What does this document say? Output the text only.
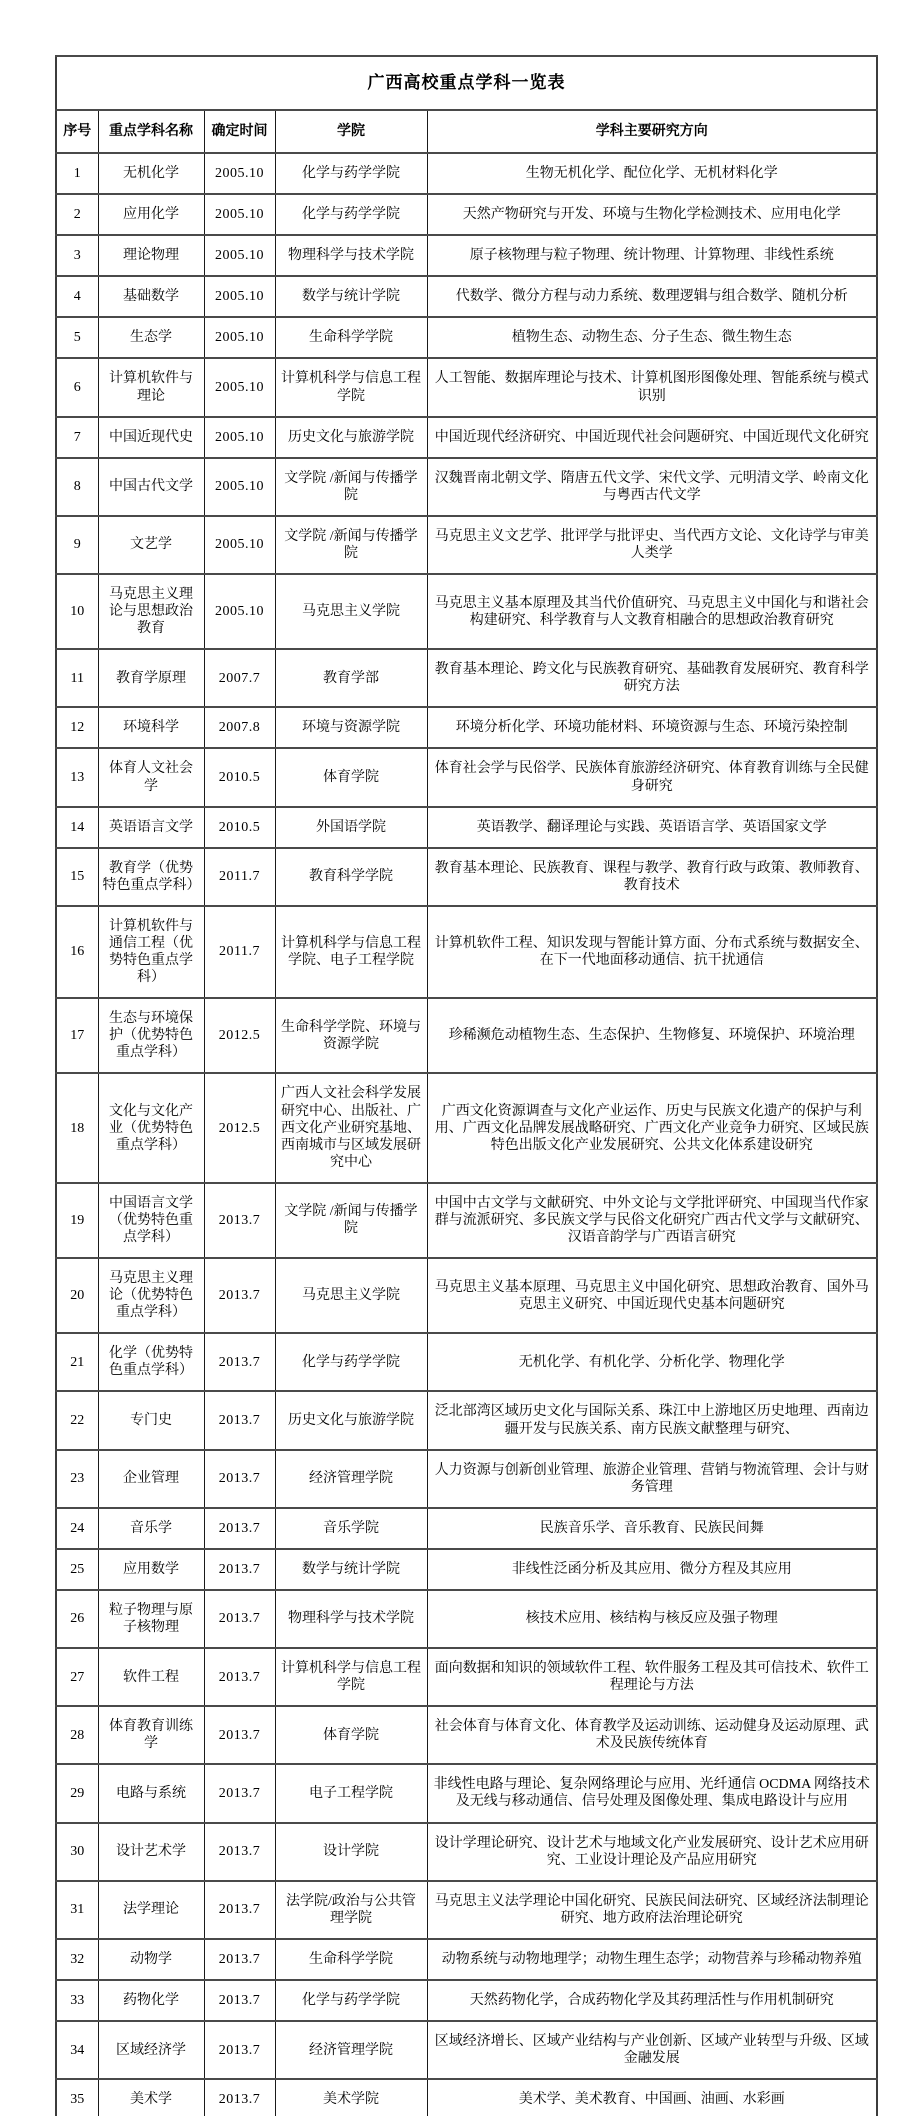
广西高校重点学科一览表				
序号	重点学科名称	确定时间	学院	学科主要研究方向
1	无机化学	2005.10	化学与药学学院	生物无机化学、配位化学、无机材料化学
2	应用化学	2005.10	化学与药学学院	天然产物研究与开发、环境与生物化学检测技术、应用电化学
3	理论物理	2005.10	物理科学与技术学院	原子核物理与粒子物理、统计物理、计算物理、非线性系统
4	基础数学	2005.10	数学与统计学院	代数学、微分方程与动力系统、数理逻辑与组合数学、随机分析
5	生态学	2005.10	生命科学学院	植物生态、动物生态、分子生态、微生物生态
6	计算机软件与理论	2005.10	计算机科学与信息工程学院	人工智能、数据库理论与技术、计算机图形图像处理、智能系统与模式识别
7	中国近现代史	2005.10	历史文化与旅游学院	中国近现代经济研究、中国近现代社会问题研究、中国近现代文化研究
8	中国古代文学	2005.10	文学院 /新闻与传播学院	汉魏晋南北朝文学、隋唐五代文学、宋代文学、元明清文学、岭南文化与粤西古代文学
9	文艺学	2005.10	文学院 /新闻与传播学院	马克思主义文艺学、批评学与批评史、当代西方文论、文化诗学与审美人类学
10	马克思主义理论与思想政治教育	2005.10	马克思主义学院	马克思主义基本原理及其当代价值研究、马克思主义中国化与和谐社会构建研究、科学教育与人文教育相融合的思想政治教育研究
11	教育学原理	2007.7	教育学部	教育基本理论、跨文化与民族教育研究、基础教育发展研究、教育科学研究方法
12	环境科学	2007.8	环境与资源学院	环境分析化学、环境功能材料、环境资源与生态、环境污染控制
13	体育人文社会学	2010.5	体育学院	体育社会学与民俗学、民族体育旅游经济研究、体育教育训练与全民健身研究
14	英语语言文学	2010.5	外国语学院	英语教学、翻译理论与实践、英语语言学、英语国家文学
15	教育学（优势特色重点学科）	2011.7	教育科学学院	教育基本理论、民族教育、课程与教学、教育行政与政策、教师教育、教育技术
16	计算机软件与通信工程（优势特色重点学科）	2011.7	计算机科学与信息工程学院、电子工程学院	计算机软件工程、知识发现与智能计算方面、分布式系统与数据安全、在下一代地面移动通信、抗干扰通信
17	生态与环境保护（优势特色重点学科）	2012.5	生命科学学院、环境与资源学院	珍稀濒危动植物生态、生态保护、生物修复、环境保护、环境治理
18	文化与文化产业（优势特色重点学科）	2012.5	广西人文社会科学发展研究中心、出版社、广西文化产业研究基地、西南城市与区域发展研究中心	广西文化资源调查与文化产业运作、历史与民族文化遗产的保护与利用、广西文化品牌发展战略研究、广西文化产业竞争力研究、区域民族特色出版文化产业发展研究、公共文化体系建设研究
19	中国语言文学（优势特色重点学科）	2013.7	文学院 /新闻与传播学院	中国中古文学与文献研究、中外文论与文学批评研究、中国现当代作家群与流派研究、多民族文学与民俗文化研究广西古代文学与文献研究、汉语音韵学与广西语言研究
20	马克思主义理论（优势特色重点学科）	2013.7	马克思主义学院	马克思主义基本原理、马克思主义中国化研究、思想政治教育、国外马克思主义研究、中国近现代史基本问题研究
21	化学（优势特色重点学科）	2013.7	化学与药学学院	无机化学、有机化学、分析化学、物理化学
22	专门史	2013.7	历史文化与旅游学院	泛北部湾区域历史文化与国际关系、珠江中上游地区历史地理、西南边疆开发与民族关系、南方民族文献整理与研究、
23	企业管理	2013.7	经济管理学院	人力资源与创新创业管理、旅游企业管理、营销与物流管理、会计与财务管理
24	音乐学	2013.7	音乐学院	民族音乐学、音乐教育、民族民间舞
25	应用数学	2013.7	数学与统计学院	非线性泛函分析及其应用、微分方程及其应用
26	粒子物理与原子核物理	2013.7	物理科学与技术学院	核技术应用、核结构与核反应及强子物理
27	软件工程	2013.7	计算机科学与信息工程学院	面向数据和知识的领域软件工程、软件服务工程及其可信技术、软件工程理论与方法
28	体育教育训练学	2013.7	体育学院	社会体育与体育文化、体育教学及运动训练、运动健身及运动原理、武术及民族传统体育
29	电路与系统	2013.7	电子工程学院	非线性电路与理论、复杂网络理论与应用、光纤通信 OCDMA 网络技术及无线与移动通信、信号处理及图像处理、集成电路设计与应用
30	设计艺术学	2013.7	设计学院	设计学理论研究、设计艺术与地域文化产业发展研究、设计艺术应用研究、工业设计理论及产品应用研究
31	法学理论	2013.7	法学院/政治与公共管理学院	马克思主义法学理论中国化研究、民族民间法研究、区域经济法制理论研究、地方政府法治理论研究
32	动物学	2013.7	生命科学学院	动物系统与动物地理学；动物生理生态学；动物营养与珍稀动物养殖
33	药物化学	2013.7	化学与药学学院	天然药物化学，合成药物化学及其药理活性与作用机制研究
34	区域经济学	2013.7	经济管理学院	区域经济增长、区域产业结构与产业创新、区域产业转型与升级、区域金融发展
35	美术学	2013.7	美术学院	美术学、美术教育、中国画、油画、水彩画
